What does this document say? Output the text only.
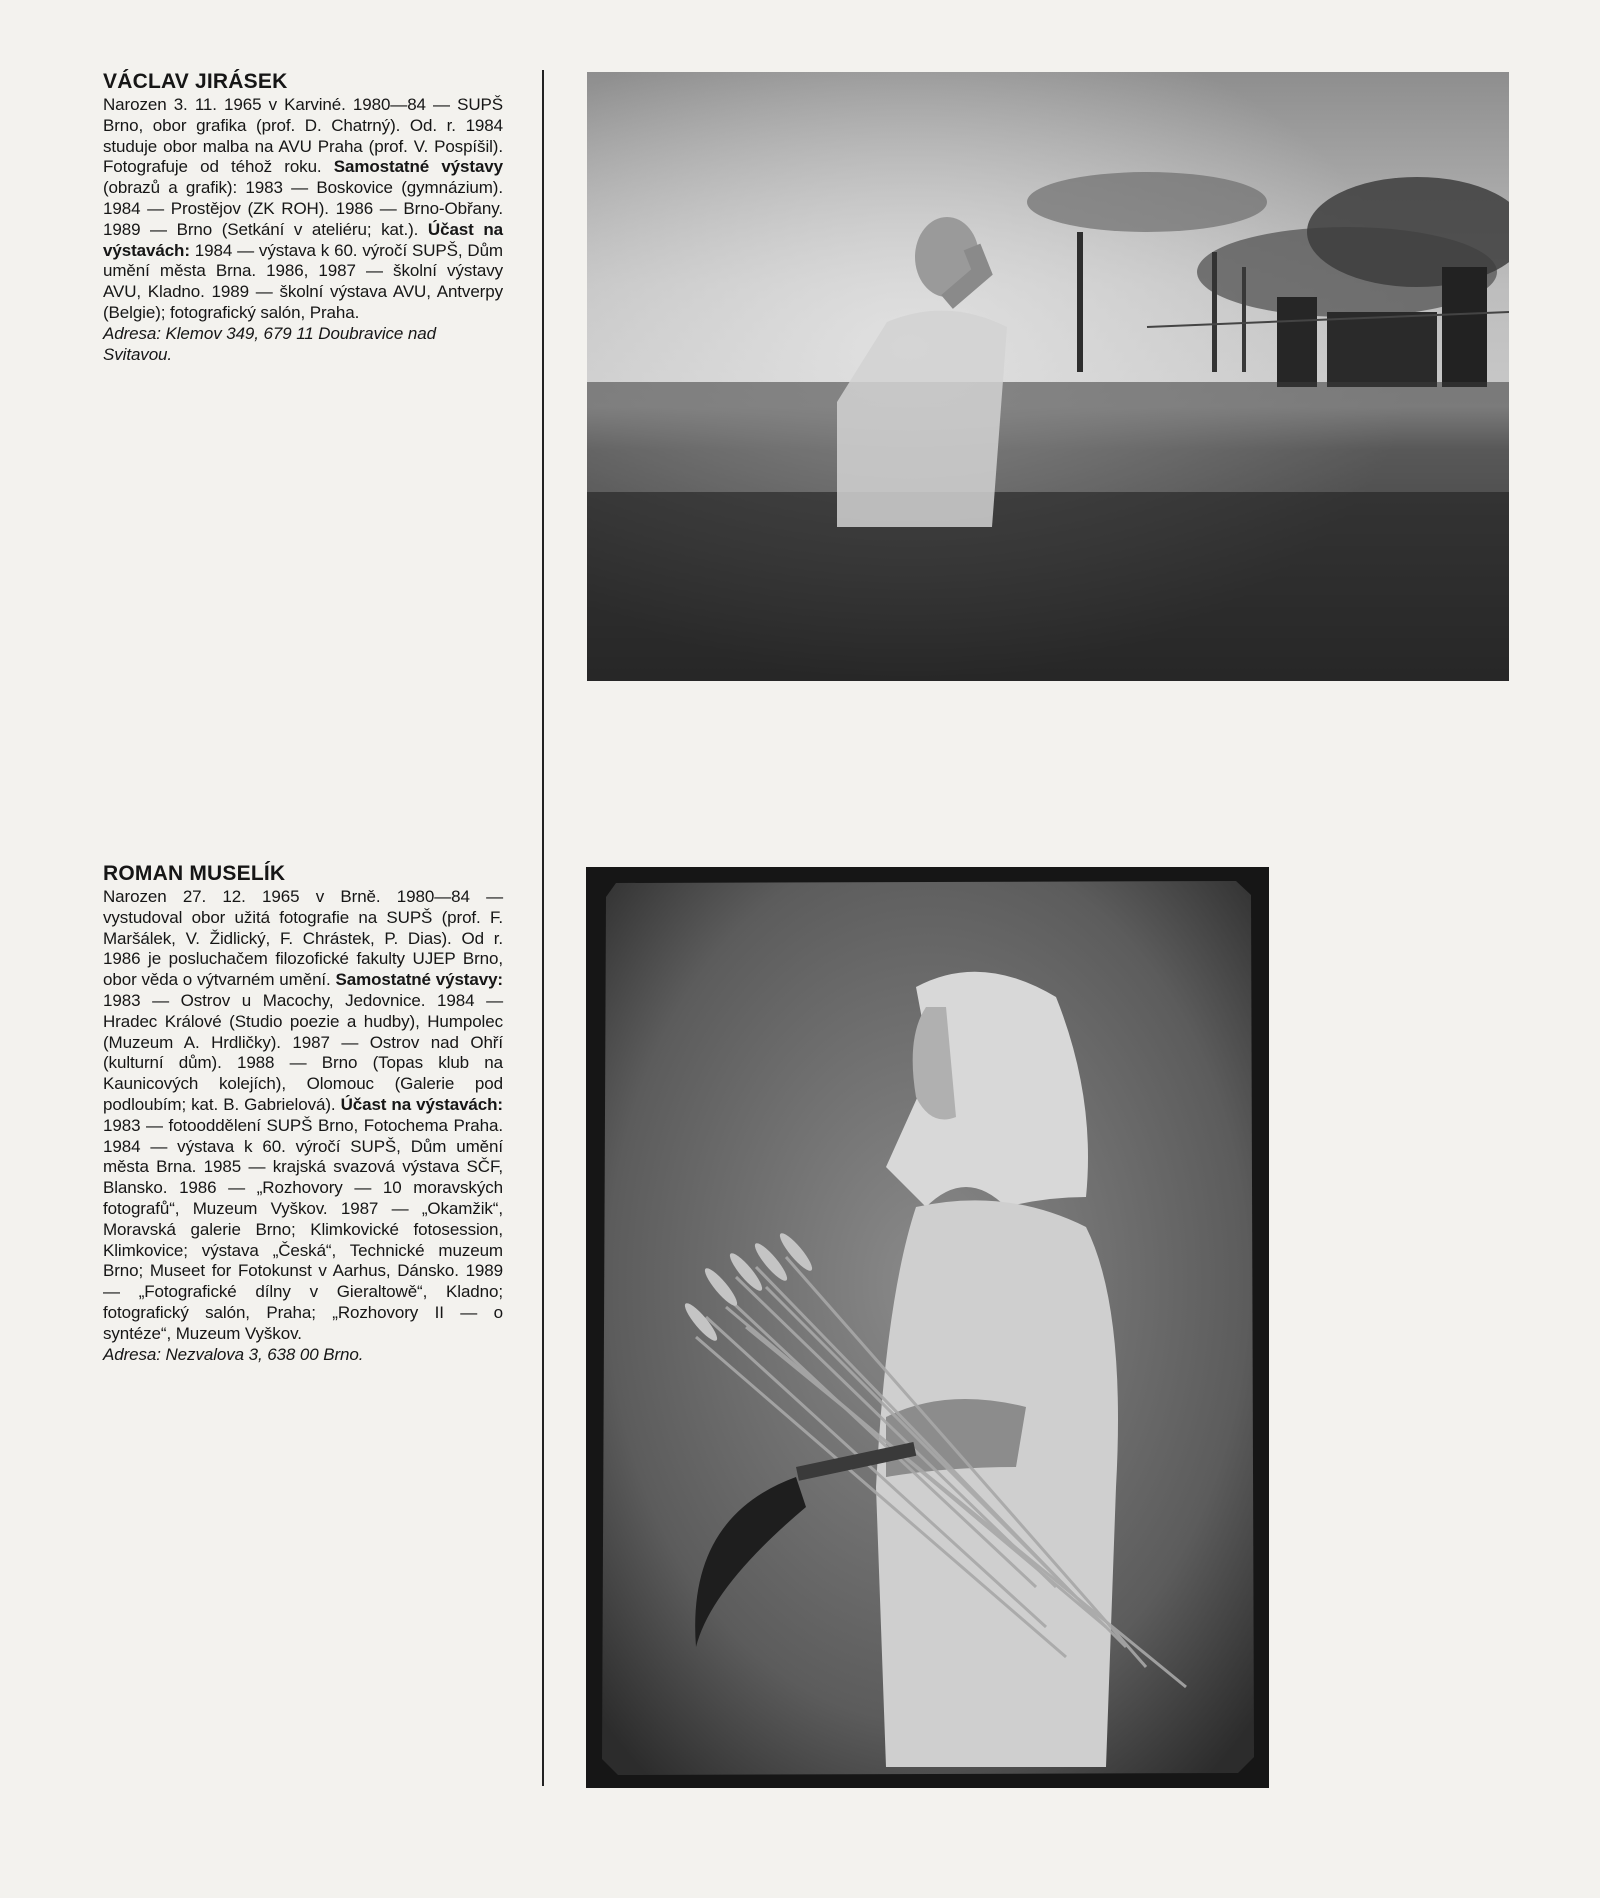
VÁCLAV JIRÁSEK

Narozen 3. 11. 1965 v Karviné. 1980—84 — SUPŠ Brno, obor grafika (prof. D. Chatrný). Od. r. 1984 studuje obor malba na AVU Praha (prof. V. Pospíšil). Fotografuje od téhož roku. Samostatné výstavy (obrazů a grafik): 1983 — Boskovice (gymnázium). 1984 — Prostějov (ZK ROH). 1986 — Brno-Obřany. 1989 — Brno (Setkání v ateliéru; kat.). Účast na výstavách: 1984 — výstava k 60. výročí SUPŠ, Dům umění města Brna. 1986, 1987 — školní výstavy AVU, Kladno. 1989 — školní výstava AVU, Antverpy (Belgie); fotografický salón, Praha.

Adresa: Klemov 349, 679 11 Doubravice nad Svitavou.

ROMAN MUSELÍK

Narozen 27. 12. 1965 v Brně. 1980—84 — vystudoval obor užitá fotografie na SUPŠ (prof. F. Maršálek, V. Židlický, F. Chrástek, P. Dias). Od r. 1986 je posluchačem filozofické fakulty UJEP Brno, obor věda o výtvarném umění. Samostatné výstavy: 1983 — Ostrov u Macochy, Jedovnice. 1984 — Hradec Králové (Studio poezie a hudby), Humpolec (Muzeum A. Hrdličky). 1987 — Ostrov nad Ohří (kulturní dům). 1988 — Brno (Topas klub na Kaunicových kolejích), Olomouc (Galerie pod podloubím; kat. B. Gabrielová). Účast na výstavách: 1983 — fotooddělení SUPŠ Brno, Fotochema Praha. 1984 — výstava k 60. výročí SUPŠ, Dům umění města Brna. 1985 — krajská svazová výstava SČF, Blansko. 1986 — „Rozhovory — 10 moravských fotografů“, Muzeum Vyškov. 1987 — „Okamžik“, Moravská galerie Brno; Klimkovické fotosession, Klimkovice; výstava „Česká“, Technické muzeum Brno; Museet for Fotokunst v Aarhus, Dánsko. 1989 — „Fotografické dílny v Gieraltowě“, Kladno; fotografický salón, Praha; „Rozhovory II — o syntéze“, Muzeum Vyškov.

Adresa: Nezvalova 3, 638 00 Brno.
